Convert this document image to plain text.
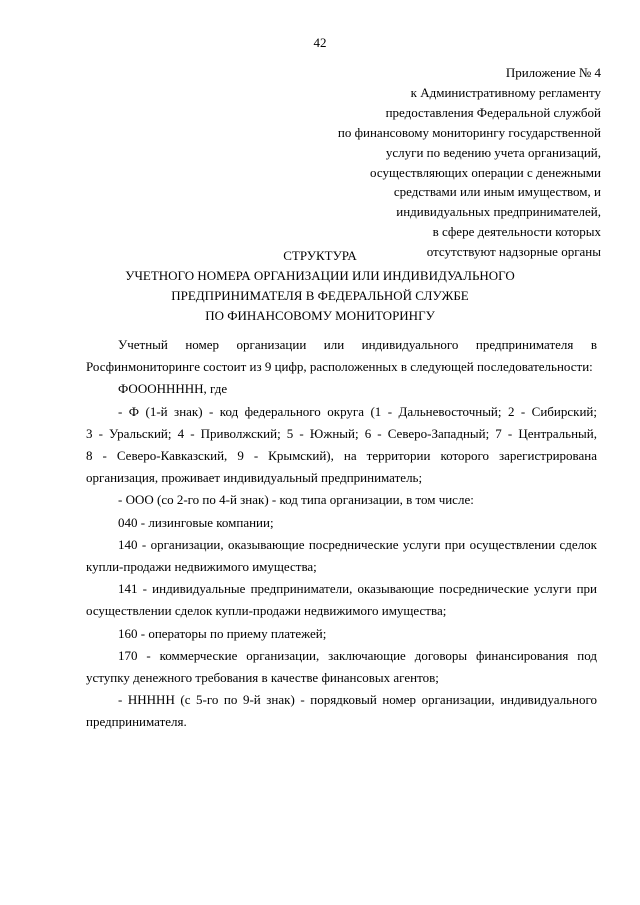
42
Приложение № 4
к Административному регламенту
предоставления Федеральной службой
по финансовому мониторингу государственной
услуги по ведению учета организаций,
осуществляющих операции с денежными
средствами или иным имуществом, и
индивидуальных предпринимателей,
в сфере деятельности которых
отсутствуют надзорные органы
СТРУКТУРА
УЧЕТНОГО НОМЕРА ОРГАНИЗАЦИИ ИЛИ ИНДИВИДУАЛЬНОГО
ПРЕДПРИНИМАТЕЛЯ В ФЕДЕРАЛЬНОЙ СЛУЖБЕ
ПО ФИНАНСОВОМУ МОНИТОРИНГУ
Учетный номер организации или индивидуального предпринимателя в
Росфинмониторинге состоит из 9 цифр, расположенных в следующей последовательности:
ФОООННННН, где
- Ф (1-й знак) - код федерального округа (1 - Дальневосточный; 2 - Сибирский;
3 - Уральский; 4 - Приволжский; 5 - Южный; 6 - Северо-Западный; 7 - Центральный,
8 - Северо-Кавказский, 9 - Крымский), на территории которого зарегистрирована
организация, проживает индивидуальный предприниматель;
- ООО (со 2-го по 4-й знак) - код типа организации, в том числе:
040 - лизинговые компании;
140 - организации, оказывающие посреднические услуги при осуществлении сделок
купли-продажи недвижимого имущества;
141 - индивидуальные предприниматели, оказывающие посреднические услуги при
осуществлении сделок купли-продажи недвижимого имущества;
160 - операторы по приему платежей;
170 - коммерческие организации, заключающие договоры финансирования под
уступку денежного требования в качестве финансовых агентов;
- ННННН (с 5-го по 9-й знак) - порядковый номер организации, индивидуального
предпринимателя.
